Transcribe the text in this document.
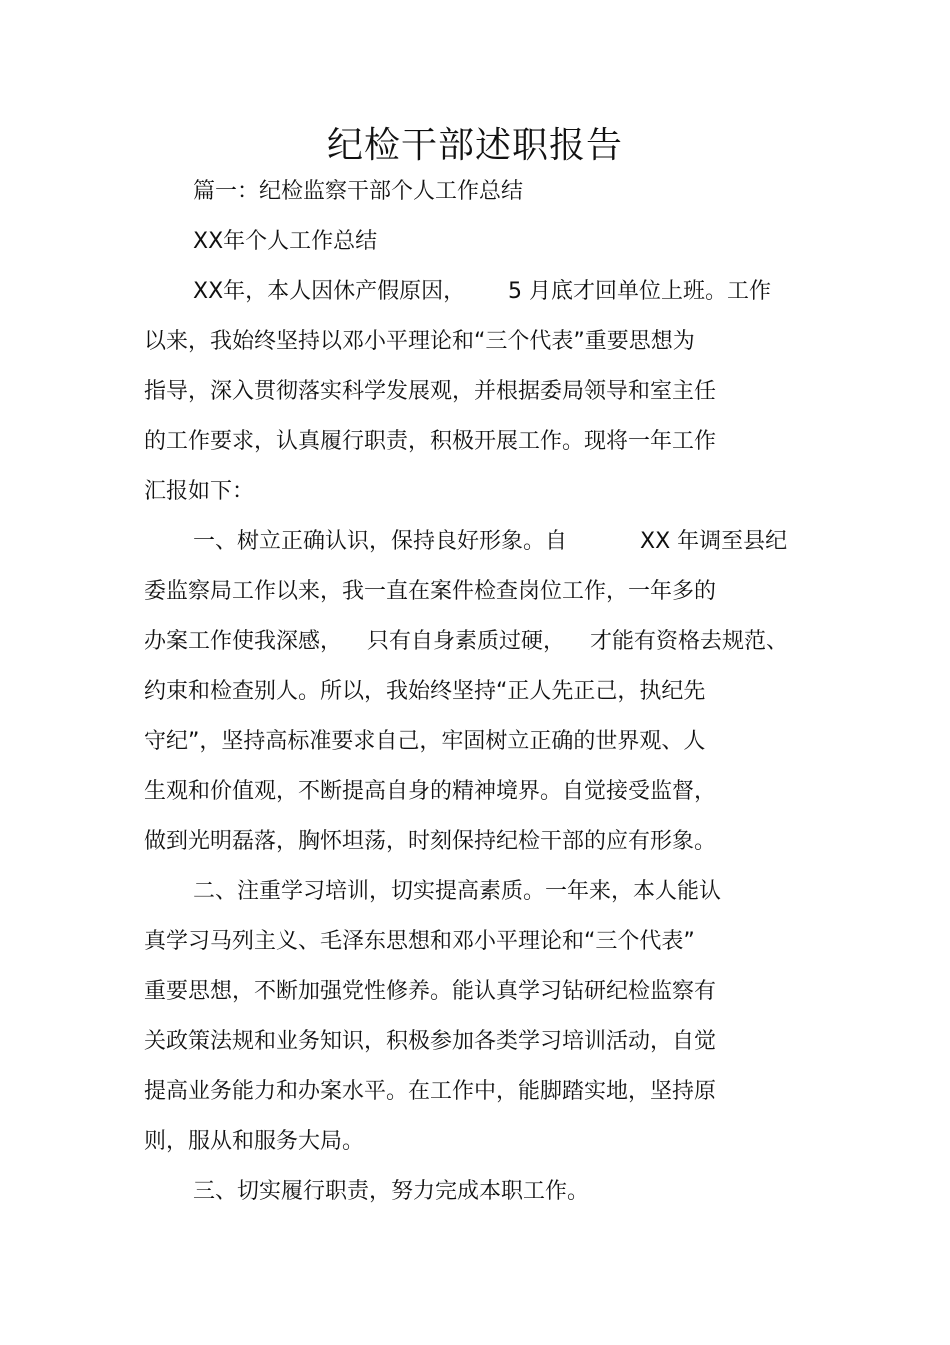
纪检干部述职报告
篇一：纪检监察干部个人工作总结
XX年个人工作总结
XX年，本人因休产假原因， 5 月底才回单位上班。工作
以来，我始终坚持以邓小平理论和“三个代表”重要思想为
指导，深入贯彻落实科学发展观，并根据委局领导和室主任
的工作要求，认真履行职责，积极开展工作。现将一年工作
汇报如下：
一、树立正确认识，保持良好形象。自	XX 年调至县纪
委监察局工作以来，我一直在案件检查岗位工作，一年多的
办案工作使我深感， 只有自身素质过硬， 才能有资格去规范、
约束和检查别人。所以，我始终坚持“正人先正己，执纪先
守纪”，坚持高标准要求自己，牢固树立正确的世界观、人
生观和价值观，不断提高自身的精神境界。自觉接受监督，
做到光明磊落，胸怀坦荡，时刻保持纪检干部的应有形象。
二、注重学习培训，切实提高素质。一年来，本人能认
真学习马列主义、毛泽东思想和邓小平理论和“三个代表”
重要思想，不断加强党性修养。能认真学习钻研纪检监察有
关政策法规和业务知识，积极参加各类学习培训活动，自觉
提高业务能力和办案水平。在工作中，能脚踏实地，坚持原
则，服从和服务大局。
三、切实履行职责，努力完成本职工作。
